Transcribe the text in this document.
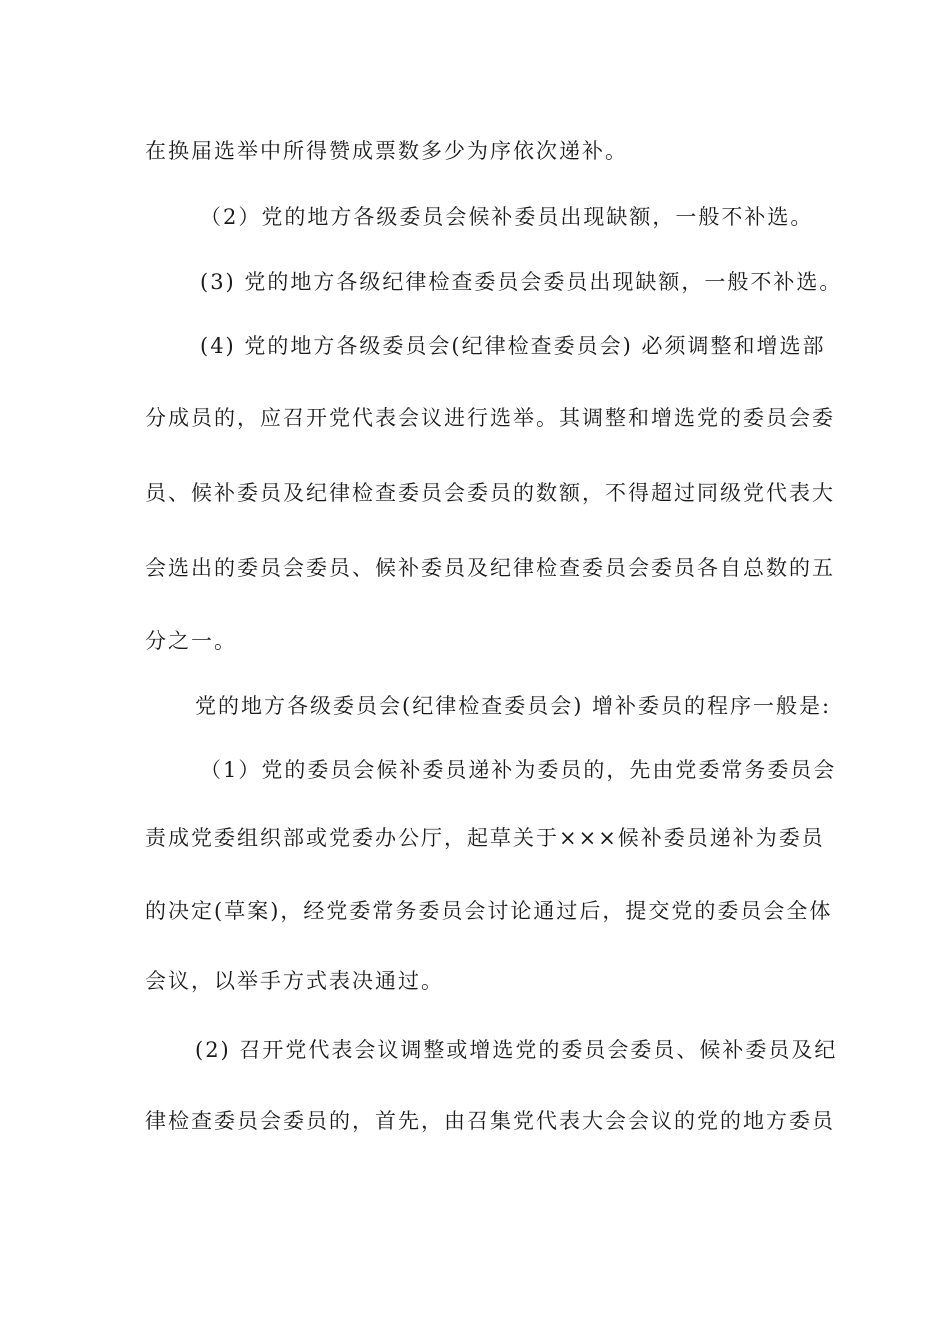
在换届选举中所得赞成票数多少为序依次递补。
（2）党的地方各级委员会候补委员出现缺额，一般不补选。
(3) 党的地方各级纪律检查委员会委员出现缺额，一般不补选。
(4) 党的地方各级委员会(纪律检查委员会) 必须调整和增选部
分成员的，应召开党代表会议进行选举。其调整和增选党的委员会委
员、候补委员及纪律检查委员会委员的数额，不得超过同级党代表大
会选出的委员会委员、候补委员及纪律检查委员会委员各自总数的五
分之一。
党的地方各级委员会(纪律检查委员会) 增补委员的程序一般是:
（1）党的委员会候补委员递补为委员的，先由党委常务委员会
责成党委组织部或党委办公厅，起草关于×××候补委员递补为委员
的决定(草案)，经党委常务委员会讨论通过后，提交党的委员会全体
会议，以举手方式表决通过。
(2) 召开党代表会议调整或增选党的委员会委员、候补委员及纪
律检查委员会委员的，首先，由召集党代表大会会议的党的地方委员
